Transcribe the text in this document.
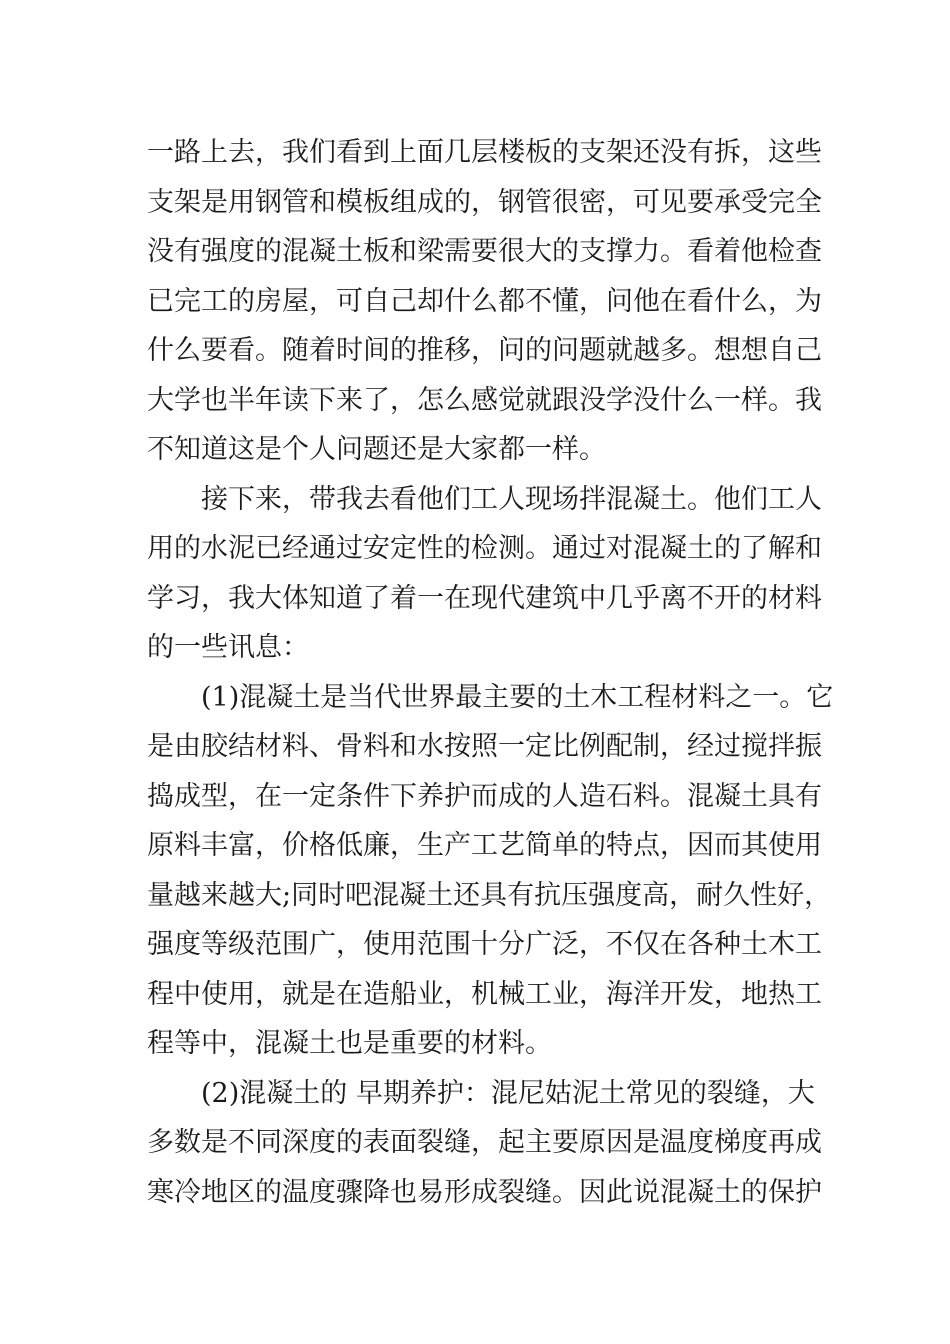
一路上去，我们看到上面几层楼板的支架还没有拆，这些
支架是用钢管和模板组成的，钢管很密，可见要承受完全
没有强度的混凝土板和梁需要很大的支撑力。看着他检查
已完工的房屋，可自己却什么都不懂，问他在看什么，为
什么要看。随着时间的推移，问的问题就越多。想想自己
大学也半年读下来了，怎么感觉就跟没学没什么一样。我
不知道这是个人问题还是大家都一样。
接下来，带我去看他们工人现场拌混凝土。他们工人
用的水泥已经通过安定性的检测。通过对混凝土的了解和
学习，我大体知道了着一在现代建筑中几乎离不开的材料
的一些讯息：
(1)混凝土是当代世界最主要的土木工程材料之一。它
是由胶结材料、骨料和水按照一定比例配制，经过搅拌振
捣成型，在一定条件下养护而成的人造石料。混凝土具有
原料丰富，价格低廉，生产工艺简单的特点，因而其使用
量越来越大;同时吧混凝土还具有抗压强度高，耐久性好，
强度等级范围广，使用范围十分广泛，不仅在各种土木工
程中使用，就是在造船业，机械工业，海洋开发，地热工
程等中，混凝土也是重要的材料。
(2)混凝土的 早期养护：混尼姑泥土常见的裂缝，大
多数是不同深度的表面裂缝，起主要原因是温度梯度再成
寒冷地区的温度骤降也易形成裂缝。因此说混凝土的保护
